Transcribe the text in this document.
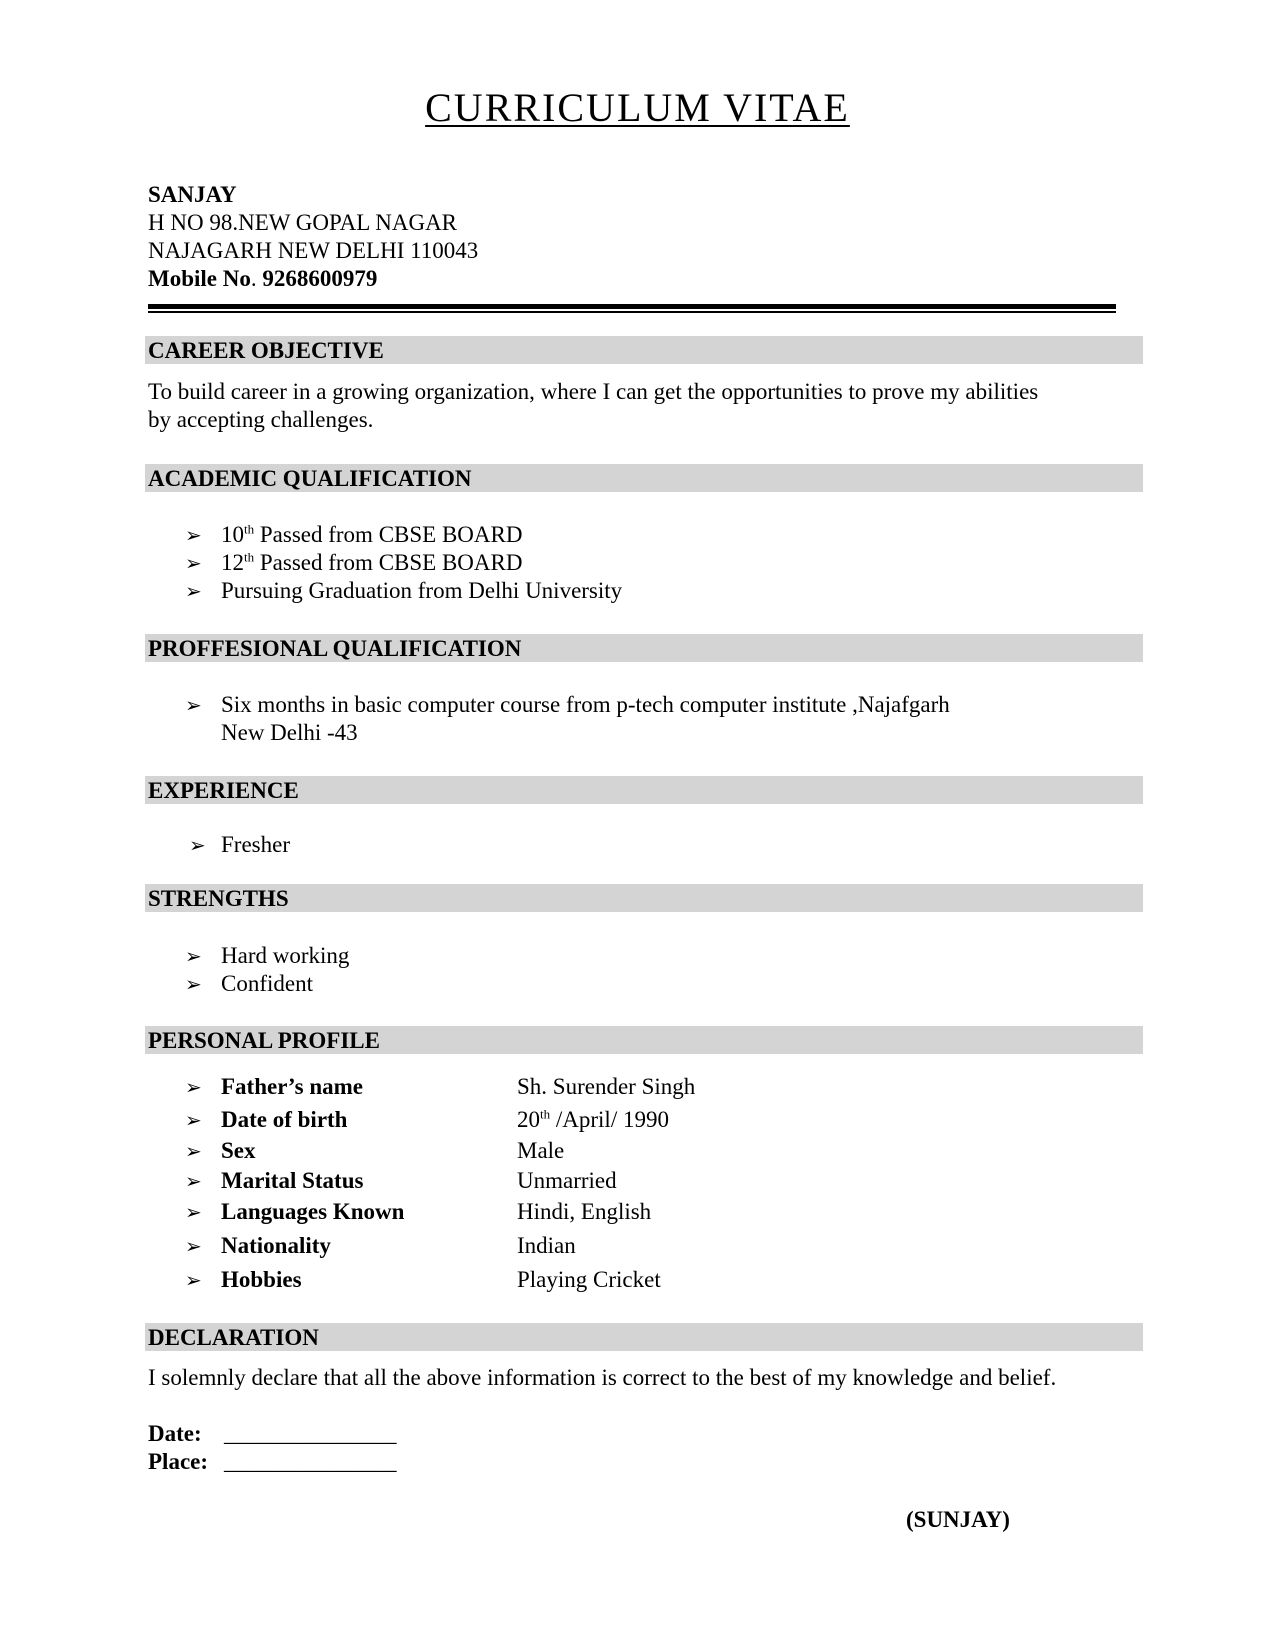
CURRICULUM VITAE
SANJAY
H NO 98.NEW GOPAL NAGAR
NAJAGARH NEW DELHI 110043
Mobile No. 9268600979
CAREER OBJECTIVE
To build career in a growing organization, where I can get the opportunities to prove my abilities
by accepting challenges.
ACADEMIC QUALIFICATION
➢ 10th Passed from CBSE BOARD
➢ 12th Passed from CBSE BOARD
➢ Pursuing Graduation from Delhi University
PROFFESIONAL QUALIFICATION
➢ Six months in basic computer course from p-tech computer institute ,Najafgarh
New Delhi -43
EXPERIENCE
➢ Fresher
STRENGTHS
➢ Hard working
➢ Confident
PERSONAL PROFILE
➢ Father’s name	Sh. Surender Singh
➢ Date of birth	20th /April/ 1990
➢ Sex	Male
➢ Marital Status	Unmarried
➢ Languages Known	Hindi, English
➢ Nationality	Indian
➢ Hobbies	Playing Cricket
DECLARATION
I solemnly declare that all the above information is correct to the best of my knowledge and belief.
Date: _______________
Place: _______________
(SUNJAY)
